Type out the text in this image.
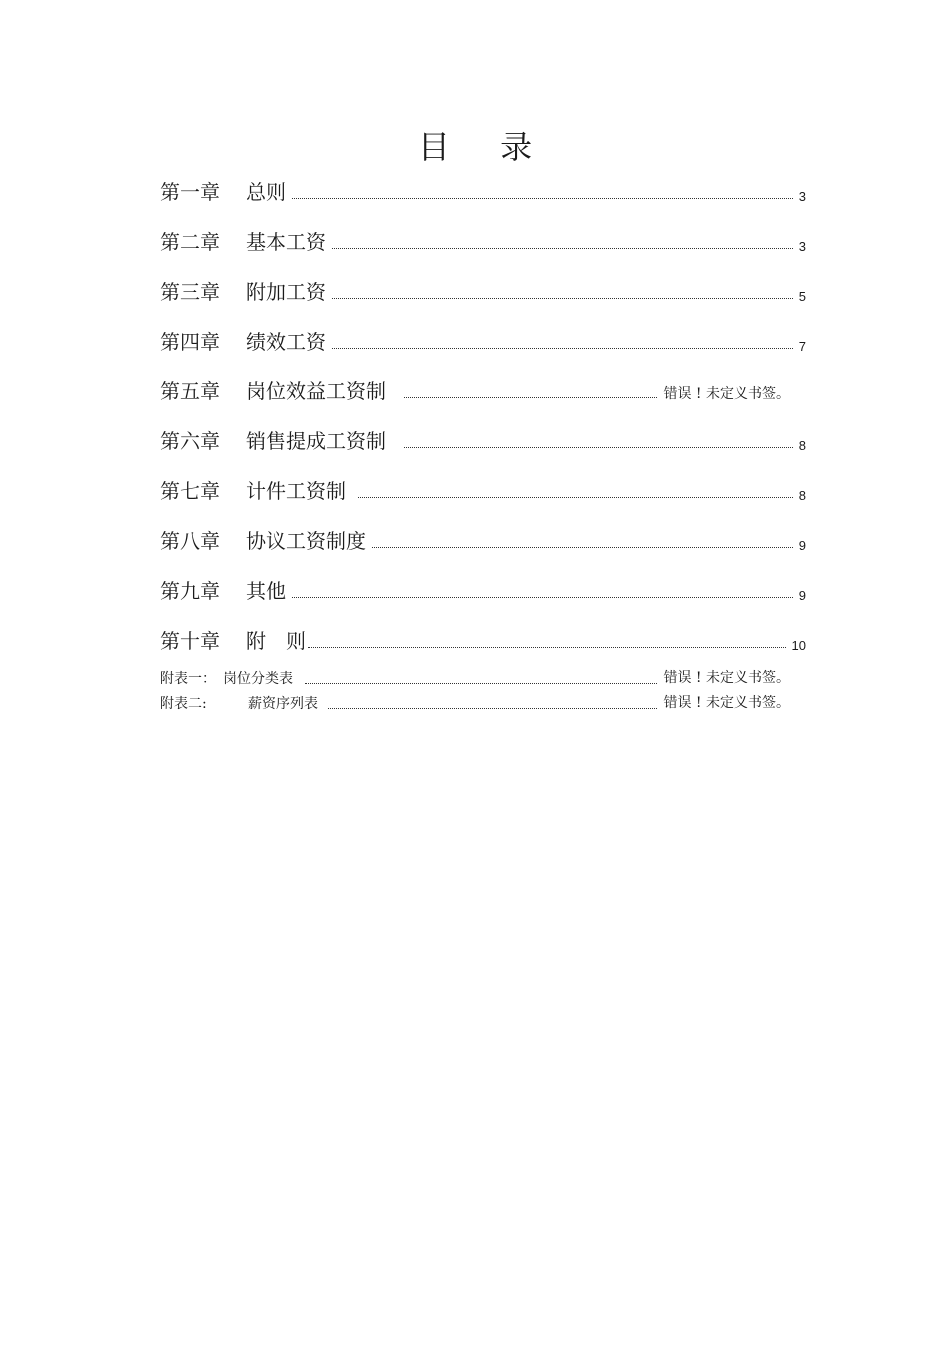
目 录
第一章	总则	3
第二章	基本工资	3
第三章	附加工资	5
第四章	绩效工资	7
第五章	岗位效益工资制	错误 ! 未定义书签。
第六章	销售提成工资制	8
第七章	计件工资制	8
第八章	协议工资制度	9
第九章	其他	9
第十章	附　则	10
附表一： 岗位分类表	错误 ! 未定义书签。
附表二:	薪资序列表	错误 ! 未定义书签。
